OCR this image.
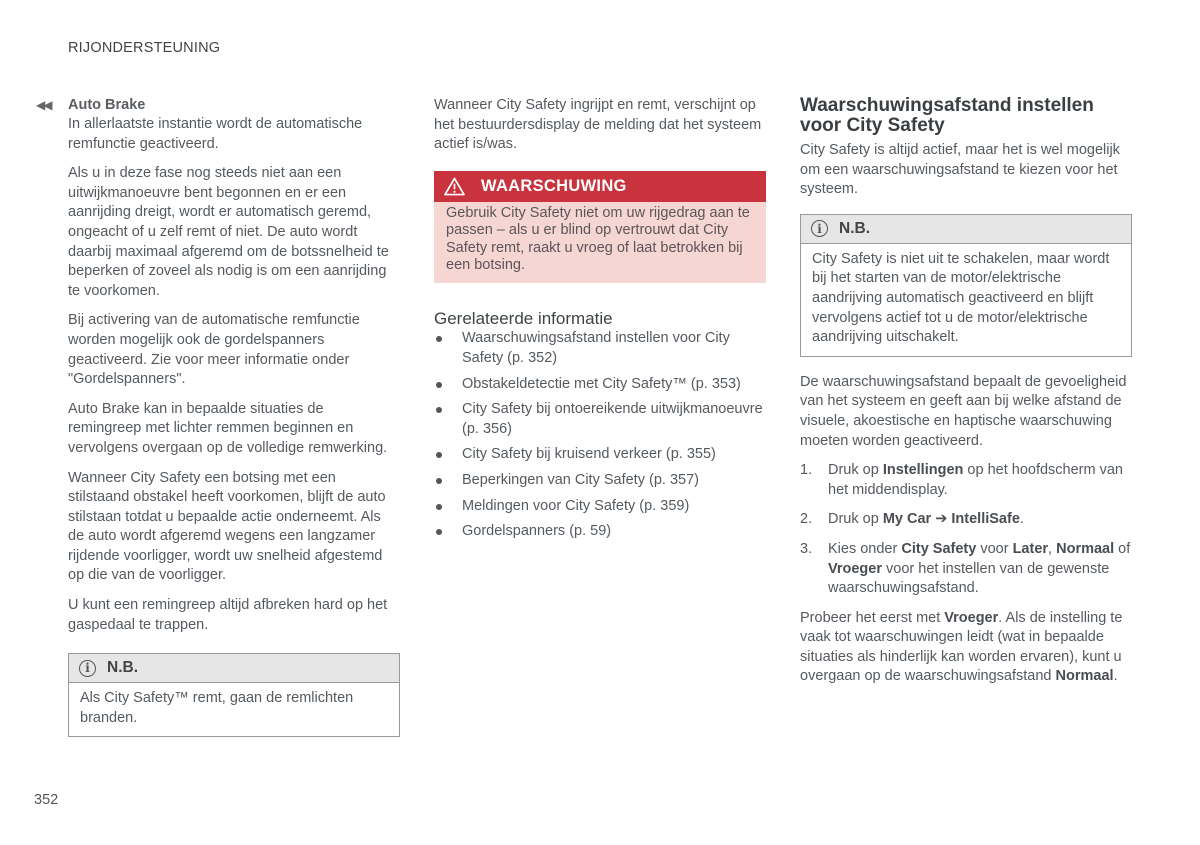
RIJONDERSTEUNING
◀◀ Auto Brake

In allerlaatste instantie wordt de automatische remfunctie geactiveerd.

Als u in deze fase nog steeds niet aan een uitwijkmanoeuvre bent begonnen en er een aanrijding dreigt, wordt er automatisch geremd, ongeacht of u zelf remt of niet. De auto wordt daarbij maximaal afgeremd om de botssnelheid te beperken of zoveel als nodig is om een aanrijding te voorkomen.

Bij activering van de automatische remfunctie worden mogelijk ook de gordelspanners geactiveerd. Zie voor meer informatie onder "Gordelspanners".

Auto Brake kan in bepaalde situaties de remingreep met lichter remmen beginnen en vervolgens overgaan op de volledige remwerking.

Wanneer City Safety een botsing met een stilstaand obstakel heeft voorkomen, blijft de auto stilstaan totdat u bepaalde actie onderneemt. Als de auto wordt afgeremd wegens een langzamer rijdende voorligger, wordt uw snelheid afgestemd op die van de voorligger.

U kunt een remingreep altijd afbreken hard op het gaspedaal te trappen.

i	N.B.
Als City Safety™ remt, gaan de remlichten branden.

Wanneer City Safety ingrijpt en remt, verschijnt op het bestuurdersdisplay de melding dat het systeem actief is/was.

WAARSCHUWING
Gebruik City Safety niet om uw rijgedrag aan te passen – als u er blind op vertrouwt dat City Safety remt, raakt u vroeg of laat betrokken bij een botsing.
Gerelateerde informatie
Waarschuwingsafstand instellen voor City Safety (p. 352)
Obstakeldetectie met City Safety™ (p. 353)
City Safety bij ontoereikende uitwijkmanoeuvre (p. 356)
City Safety bij kruisend verkeer (p. 355)
Beperkingen van City Safety (p. 357)
Meldingen voor City Safety (p. 359)
Gordelspanners (p. 59)
Waarschuwingsafstand instellen voor City Safety

City Safety is altijd actief, maar het is wel mogelijk om een waarschuwingsafstand te kiezen voor het systeem.

i	N.B.
City Safety is niet uit te schakelen, maar wordt bij het starten van de motor/elektrische aandrijving automatisch geactiveerd en blijft vervolgens actief tot u de motor/elektrische aandrijving uitschakelt.

De waarschuwingsafstand bepaalt de gevoeligheid van het systeem en geeft aan bij welke afstand de visuele, akoestische en haptische waarschuwing moeten worden geactiveerd.

1. Druk op Instellingen op het hoofdscherm van het middendisplay.
2. Druk op My Car ➔ IntelliSafe.
3. Kies onder City Safety voor Later, Normaal of Vroeger voor het instellen van de gewenste waarschuwingsafstand.

Probeer het eerst met Vroeger. Als de instelling te vaak tot waarschuwingen leidt (wat in bepaalde situaties als hinderlijk kan worden ervaren), kunt u overgaan op de waarschuwingsafstand Normaal.

352
